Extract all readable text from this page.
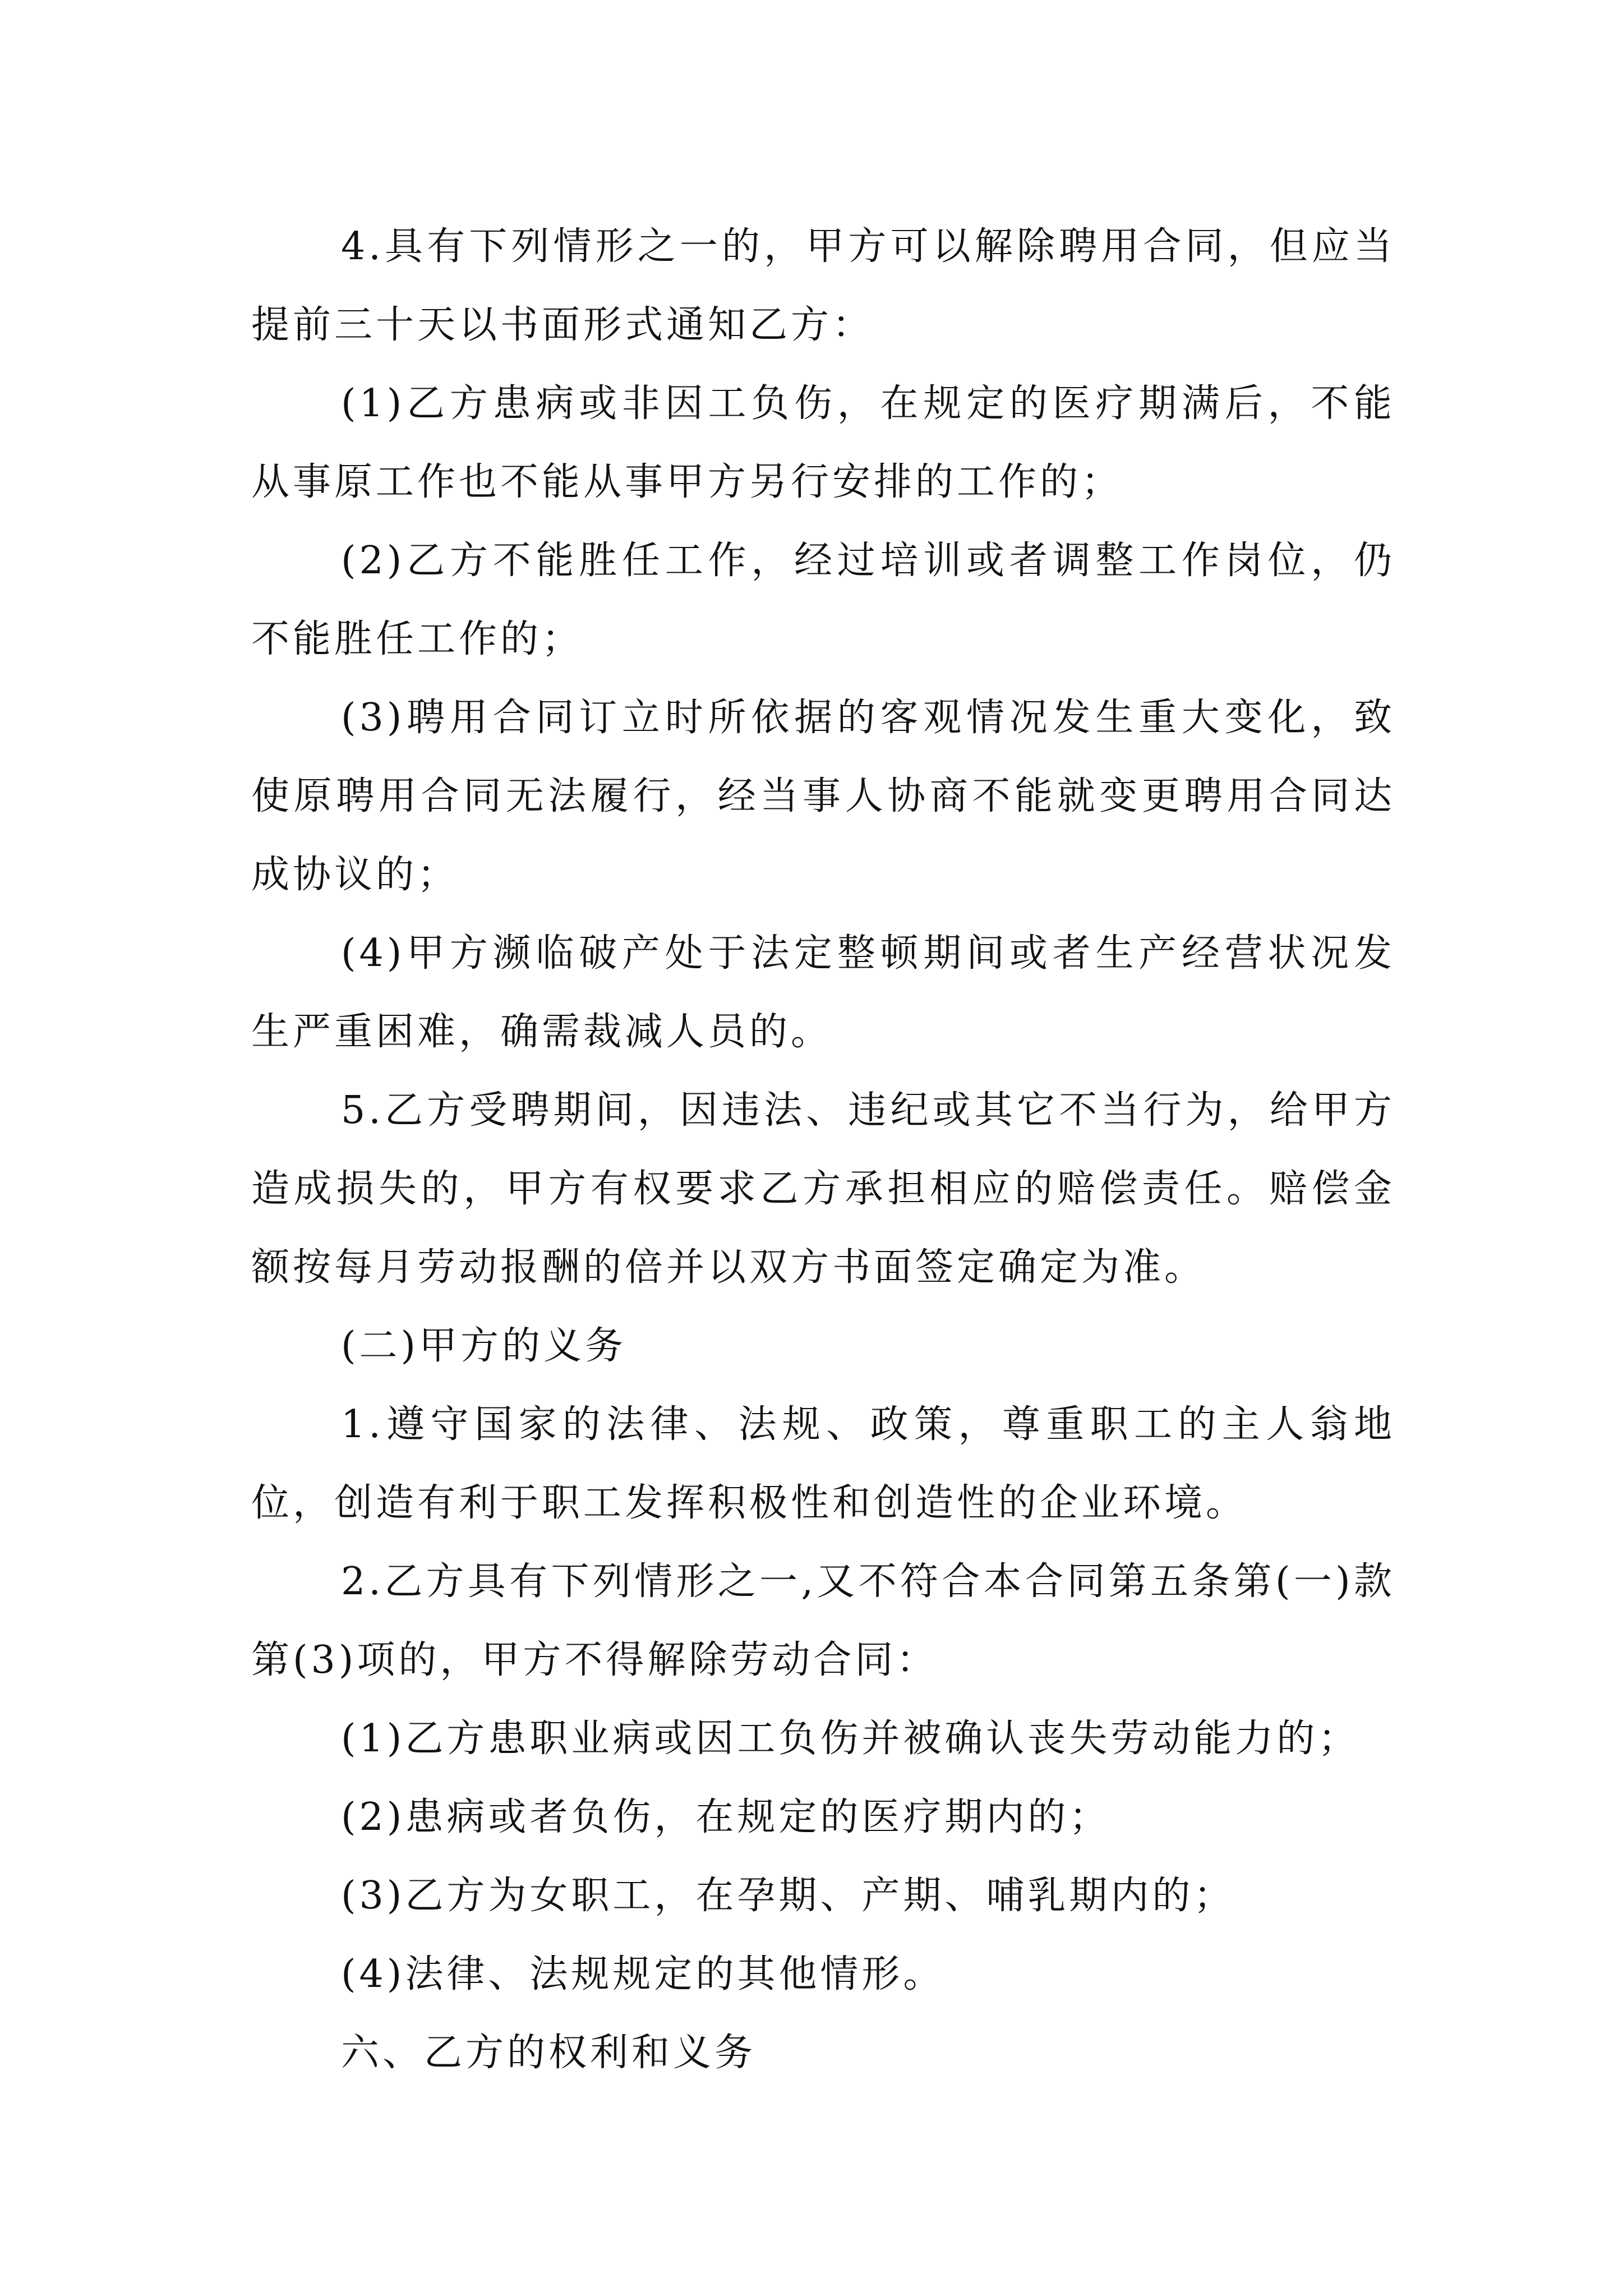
4.具有下列情形之一的，甲方可以解除聘用合同，但应当提前三十天以书面形式通知乙方：

(1)乙方患病或非因工负伤，在规定的医疗期满后，不能从事原工作也不能从事甲方另行安排的工作的；

(2)乙方不能胜任工作，经过培训或者调整工作岗位，仍不能胜任工作的；

(3)聘用合同订立时所依据的客观情况发生重大变化，致使原聘用合同无法履行，经当事人协商不能就变更聘用合同达成协议的；

(4)甲方濒临破产处于法定整顿期间或者生产经营状况发生严重困难，确需裁减人员的。

5.乙方受聘期间，因违法、违纪或其它不当行为，给甲方造成损失的，甲方有权要求乙方承担相应的赔偿责任。赔偿金额按每月劳动报酬的倍并以双方书面签定确定为准。

(二)甲方的义务

1.遵守国家的法律、法规、政策，尊重职工的主人翁地位，创造有利于职工发挥积极性和创造性的企业环境。

2.乙方具有下列情形之一,又不符合本合同第五条第(一)款第(3)项的，甲方不得解除劳动合同：

(1)乙方患职业病或因工负伤并被确认丧失劳动能力的；

(2)患病或者负伤，在规定的医疗期内的；

(3)乙方为女职工，在孕期、产期、哺乳期内的；

(4)法律、法规规定的其他情形。

六、乙方的权利和义务
